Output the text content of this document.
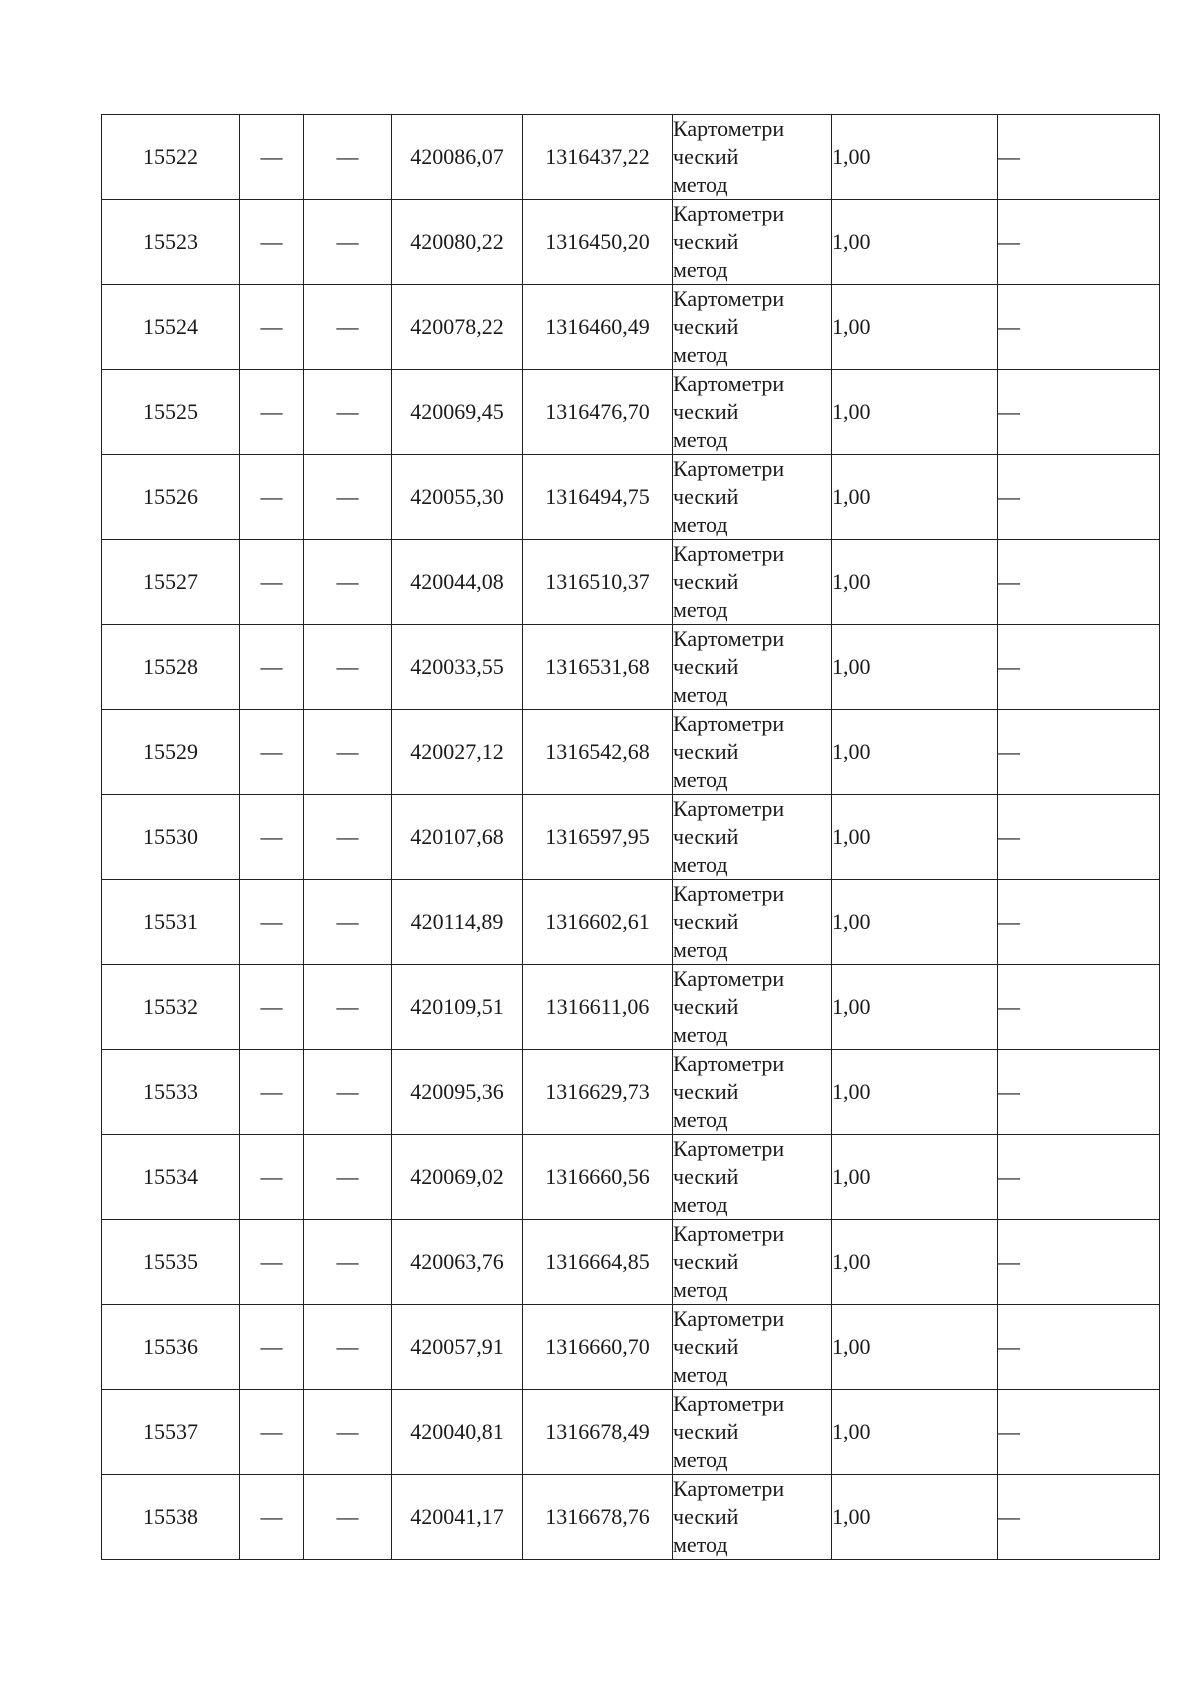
15522	—	—	420086,07	1316437,22	Картометри
ческий
метод	1,00	—
15523	—	—	420080,22	1316450,20	Картометри
ческий
метод	1,00	—
15524	—	—	420078,22	1316460,49	Картометри
ческий
метод	1,00	—
15525	—	—	420069,45	1316476,70	Картометри
ческий
метод	1,00	—
15526	—	—	420055,30	1316494,75	Картометри
ческий
метод	1,00	—
15527	—	—	420044,08	1316510,37	Картометри
ческий
метод	1,00	—
15528	—	—	420033,55	1316531,68	Картометри
ческий
метод	1,00	—
15529	—	—	420027,12	1316542,68	Картометри
ческий
метод	1,00	—
15530	—	—	420107,68	1316597,95	Картометри
ческий
метод	1,00	—
15531	—	—	420114,89	1316602,61	Картометри
ческий
метод	1,00	—
15532	—	—	420109,51	1316611,06	Картометри
ческий
метод	1,00	—
15533	—	—	420095,36	1316629,73	Картометри
ческий
метод	1,00	—
15534	—	—	420069,02	1316660,56	Картометри
ческий
метод	1,00	—
15535	—	—	420063,76	1316664,85	Картометри
ческий
метод	1,00	—
15536	—	—	420057,91	1316660,70	Картометри
ческий
метод	1,00	—
15537	—	—	420040,81	1316678,49	Картометри
ческий
метод	1,00	—
15538	—	—	420041,17	1316678,76	Картометри
ческий
метод	1,00	—
